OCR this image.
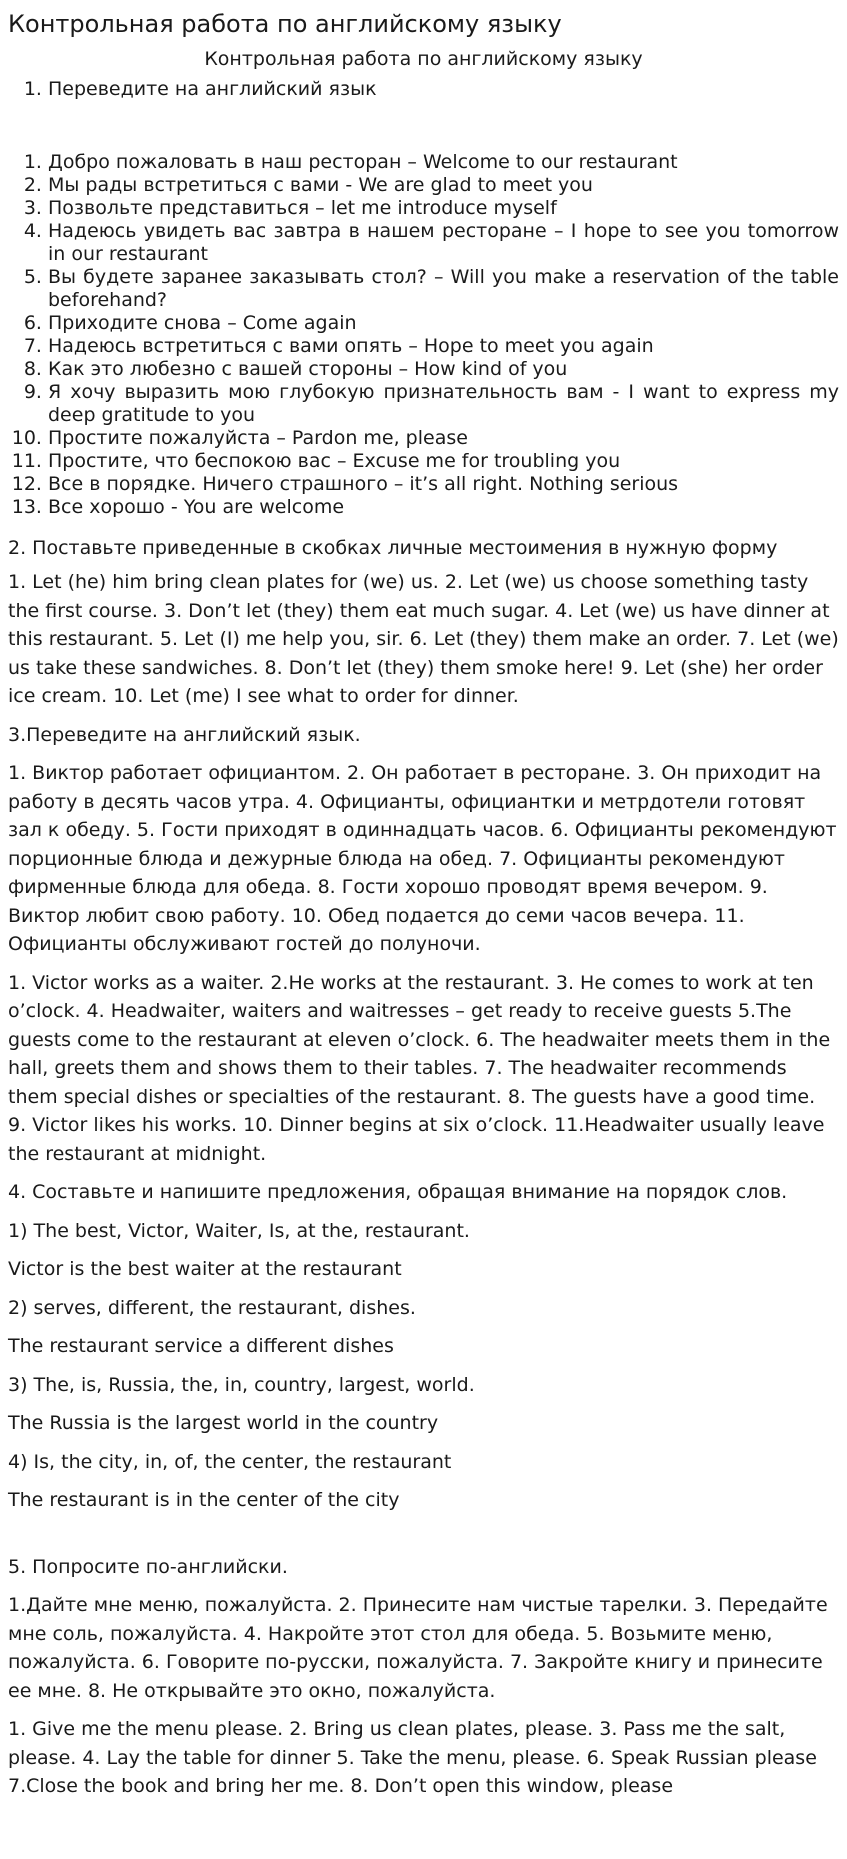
Контрольная работа по английскому языку
Контрольная работа по английскому языку
1. Переведите на английский язык
1. Добро пожаловать в наш ресторан – Welcome to our restaurant
2. Мы рады встретиться с вами - We are glad to meet you
3. Позвольте представиться – let me introduce myself
4. Надеюсь увидеть вас завтра в нашем ресторане – I hope to see you tomorrow in our restaurant
5. Вы будете заранее заказывать стол? – Will you make a reservation of the table beforehand?
6. Приходите снова – Come again
7. Надеюсь встретиться с вами опять – Hope to meet you again
8. Как это любезно с вашей стороны – How kind of you
9. Я хочу выразить мою глубокую признательность вам - I want to express my deep gratitude to you
10. Простите пожалуйста – Pardon me, please
11. Простите, что беспокою вас – Excuse me for troubling you
12. Все в порядке. Ничего страшного – it’s all right. Nothing serious
13. Все хорошо - You are welcome
2. Поставьте приведенные в скобках личные местоимения в нужную форму
1. Let (he) him bring clean plates for (we) us. 2. Let (we) us choose something tasty the first course. 3. Don’t let (they) them eat much sugar. 4. Let (we) us have dinner at this restaurant. 5. Let (I) me help you, sir. 6. Let (they) them make an order. 7. Let (we) us take these sandwiches. 8. Don’t let (they) them smoke here! 9. Let (she) her order ice cream. 10. Let (me) I see what to order for dinner.
3.Переведите на английский язык.
1. Виктор работает официантом. 2. Он работает в ресторане. 3. Он приходит на работу в десять часов утра. 4. Официанты, официантки и метрдотели готовят зал к обеду. 5. Гости приходят в одиннадцать часов. 6. Официанты рекомендуют порционные блюда и дежурные блюда на обед. 7. Официанты рекомендуют фирменные блюда для обеда. 8. Гости хорошо проводят время вечером. 9. Виктор любит свою работу. 10. Обед подается до семи часов вечера. 11. Официанты обслуживают гостей до полуночи.
1. Victor works as a waiter. 2.He works at the restaurant. 3. He comes to work at ten o’clock. 4. Headwaiter, waiters and waitresses – get ready to receive guests 5.The guests come to the restaurant at eleven o’clock. 6. The headwaiter meets them in the hall, greets them and shows them to their tables. 7. The headwaiter recommends them special dishes or specialties of the restaurant. 8. The guests have a good time. 9. Victor likes his works. 10. Dinner begins at six o’clock. 11.Headwaiter usually leave the restaurant at midnight.
4. Составьте и напишите предложения, обращая внимание на порядок слов.
1) The best, Victor, Waiter, Is, at the, restaurant.
Victor is the best waiter at the restaurant
2) serves, different, the restaurant, dishes.
The restaurant service a different dishes
3) The, is, Russia, the, in, country, largest, world.
The Russia is the largest world in the country
4) Is, the city, in, of, the center, the restaurant
The restaurant is in the center of the city
5. Попросите по-английски.
1.Дайте мне меню, пожалуйста. 2. Принесите нам чистые тарелки. 3. Передайте мне соль, пожалуйста. 4. Накройте этот стол для обеда. 5. Возьмите меню, пожалуйста. 6. Говорите по-русски, пожалуйста. 7. Закройте книгу и принесите ее мне. 8. Не открывайте это окно, пожалуйста.
1. Give me the menu please. 2. Bring us clean plates, please. 3. Pass me the salt, please. 4. Lay the table for dinner 5. Take the menu, please. 6. Speak Russian please 7.Close the book and bring her me. 8. Don’t open this window, please
